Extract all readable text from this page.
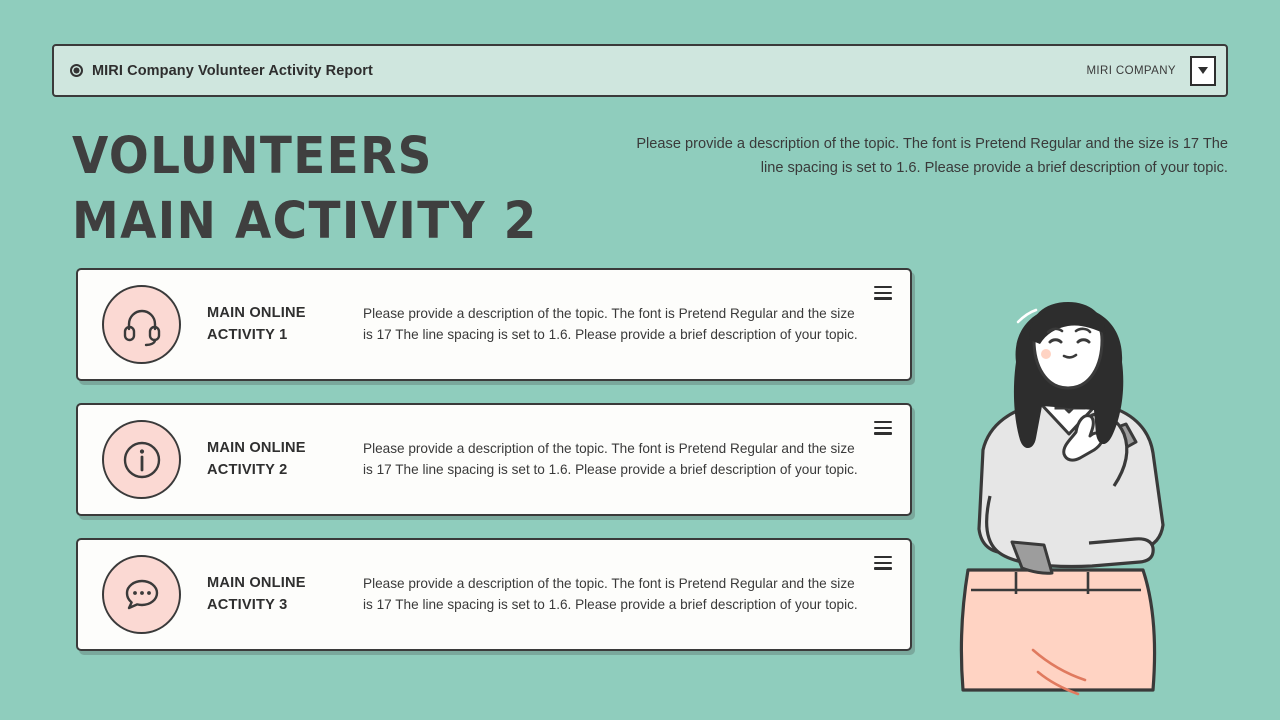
MIRI Company Volunteer Activity Report	MIRI COMPANY
VOLUNTEERS
MAIN ACTIVITY 2

Please provide a description of the topic. The font is Pretend Regular and the size is 17 The line spacing is set to 1.6. Please provide a brief description of your topic.

MAIN ONLINE ACTIVITY 1
Please provide a description of the topic. The font is Pretend Regular and the size is 17 The line spacing is set to 1.6. Please provide a brief description of your topic.
MAIN ONLINE ACTIVITY 2
Please provide a description of the topic. The font is Pretend Regular and the size is 17 The line spacing is set to 1.6. Please provide a brief description of your topic.
MAIN ONLINE ACTIVITY 3
Please provide a description of the topic. The font is Pretend Regular and the size is 17 The line spacing is set to 1.6. Please provide a brief description of your topic.
